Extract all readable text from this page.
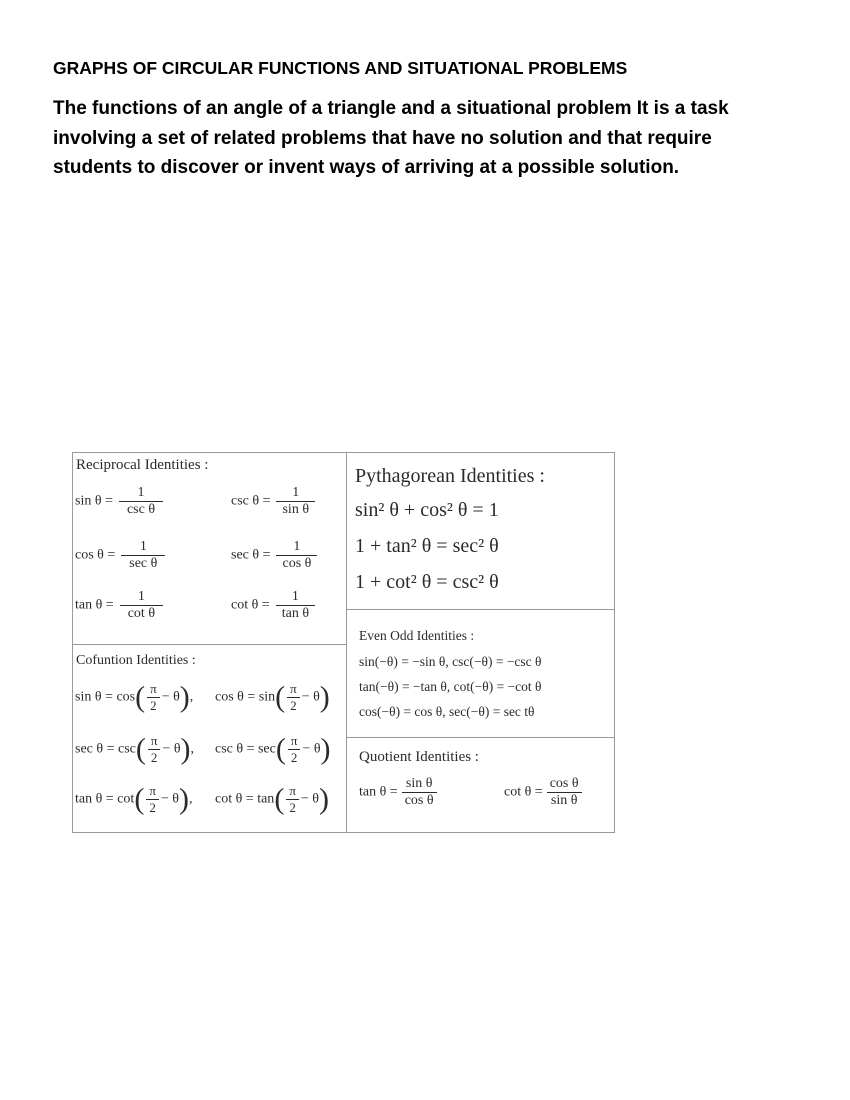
GRAPHS OF CIRCULAR FUNCTIONS AND SITUATIONAL PROBLEMS
The functions of an angle of a triangle and a situational problem It is a task involving a set of related problems that have no solution and that require students to discover or invent ways of arriving at a possible solution.
Reciprocal Identities :
$\sin \theta = \frac{1}{\text{csc θ}}$	$\csc \theta = \frac{1}{\text{sin θ}}$
$\cos \theta = \frac{1}{\text{sec θ}}$	$\sec \theta = \frac{1}{\text{cos θ}}$
$\tan \theta = \frac{1}{\text{cot θ}}$	$\cot \theta = \frac{1}{\text{tan θ}}$
Cofuntion Identities :
$\sin \theta = \cos( \frac{\pi}{2} - \theta)$, $\cos \theta = \sin( \frac{\pi}{2} - \theta)$
$\sec \theta = \csc( \frac{\pi}{2} - \theta)$, $\csc \theta = \sec( \frac{\pi}{2} - \theta)$
$\tan \theta = \cot( \frac{\pi}{2} - \theta)$, $\cot \theta = \tan( \frac{\pi}{2} - \theta)$
Pythagorean Identities :
sin² θ + cos² θ = 1
1 + tan² θ = sec² θ
1 + cot² θ = csc² θ
Even Odd Identities :
sin(−θ) = −sin θ, csc(−θ) = −csc θ
tan(−θ) = −tan θ, cot(−θ) = −cot θ
cos(−θ) = cos θ, sec(−θ) = sec tθ
Quotient Identities :
$\tan \theta = \frac{\text{sin θ}}{\text{cos θ}}$	$\cot \theta = \frac{\text{cos θ}}{\text{sin θ}}$
